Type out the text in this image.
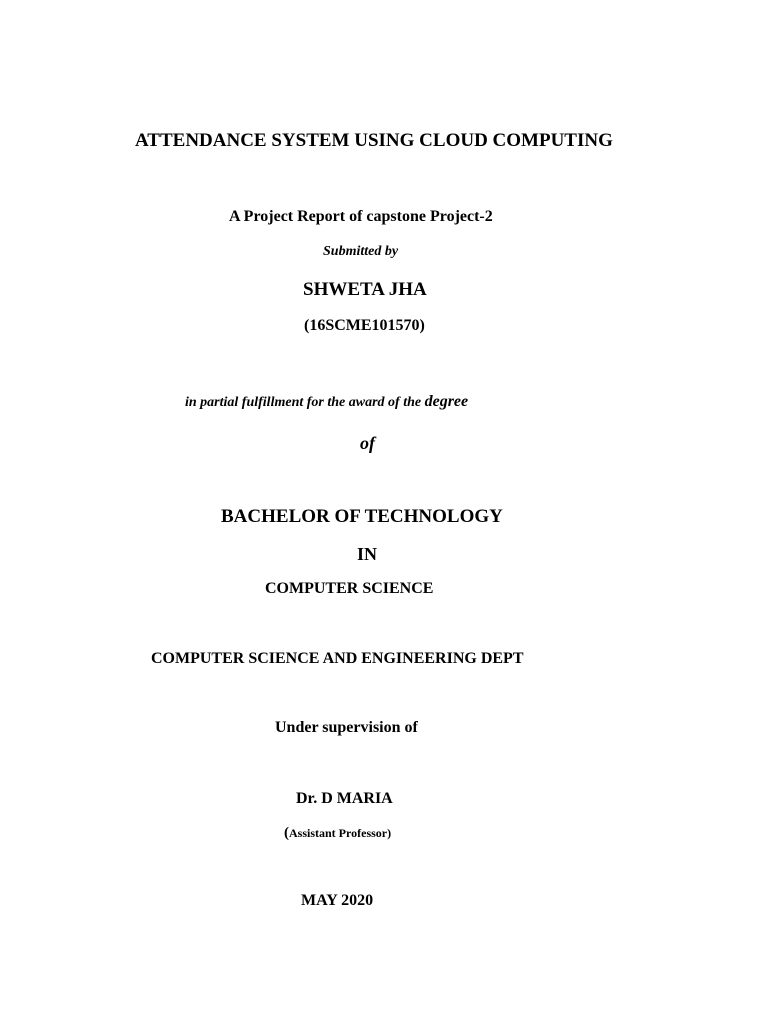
ATTENDANCE SYSTEM USING CLOUD COMPUTING
A Project Report of capstone Project-2
Submitted by
SHWETA JHA
(16SCME101570)
in partial fulfillment for the award of the degree
of
BACHELOR OF TECHNOLOGY
IN
COMPUTER SCIENCE
COMPUTER SCIENCE AND ENGINEERING DEPT
Under supervision of
Dr. D MARIA
(Assistant Professor)
MAY 2020
